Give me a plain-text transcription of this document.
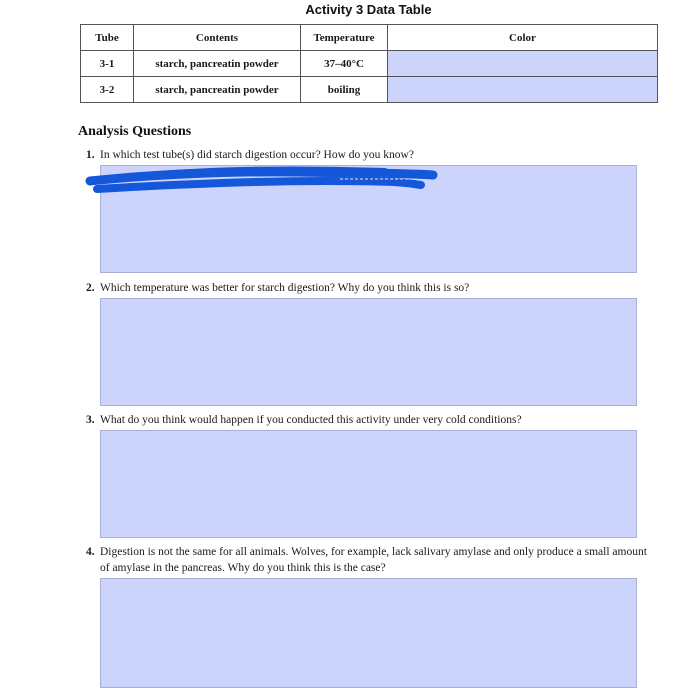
Activity 3 Data Table
Tube	Contents	Temperature	Color
3-1	starch, pancreatin powder	37–40°C	
3-2	starch, pancreatin powder	boiling	
Analysis Questions
1. In which test tube(s) did starch digestion occur? How do you know?
2. Which temperature was better for starch digestion? Why do you think this is so?
3. What do you think would happen if you conducted this activity under very cold conditions?
4. Digestion is not the same for all animals. Wolves, for example, lack salivary amylase and only produce a small amount of amylase in the pancreas. Why do you think this is the case?
